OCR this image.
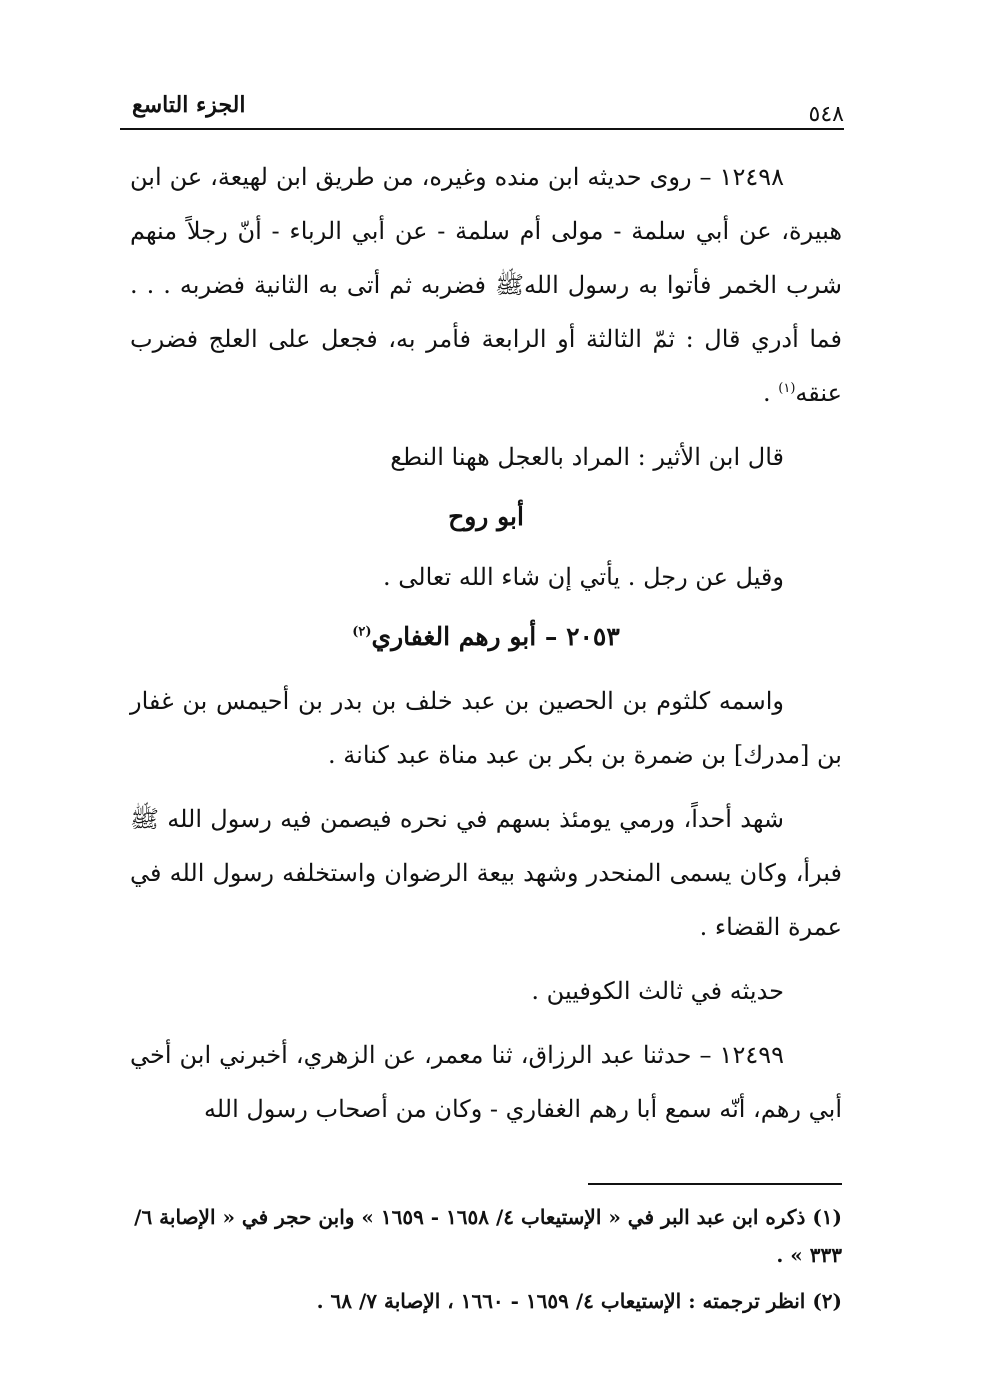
الجزء التاسع	٥٤٨

١٢٤٩٨ – روى حديثه ابن منده وغيره، من طريق ابن لهيعة، عن ابن هبيرة، عن أبي سلمة - مولى أم سلمة - عن أبي الرباء - أنّ رجلاً منهم شرب الخمر فأتوا به رسول اللهﷺ فضربه ثم أتى به الثانية فضربه . . . فما أدري قال : ثمّ الثالثة أو الرابعة فأمر به، فجعل على العلج فضرب عنقه$^{(١)}$ .

قال ابن الأثير : المراد بالعجل ههنا النطع

أبو روح

وقيل عن رجل . يأتي إن شاء الله تعالى .

٢٠٥٣ – أبو رهم الغفاري$^{(٢)}$

واسمه كلثوم بن الحصين بن عبد خلف بن بدر بن أحيمس بن غفار بن [مدرك] بن ضمرة بن بكر بن عبد مناة عبد كنانة .

شهد أحداً، ورمي يومئذ بسهم في نحره فيصمن فيه رسول الله ﷺ فبرأ، وكان يسمى المنحدر وشهد بيعة الرضوان واستخلفه رسول الله في عمرة القضاء .

حديثه في ثالث الكوفيين .

١٢٤٩٩ – حدثنا عبد الرزاق، ثنا معمر، عن الزهري، أخبرني ابن أخي أبي رهم، أنّه سمع أبا رهم الغفاري - وكان من أصحاب رسول الله

(١) ذكره ابن عبد البر في « الإستيعاب ٤/ ١٦٥٨ - ١٦٥٩ » وابن حجر في « الإصابة ٦/ ٣٣٣ » .

(٢) انظر ترجمته : الإستيعاب ٤/ ١٦٥٩ - ١٦٦٠ ، الإصابة ٧/ ٦٨ .
